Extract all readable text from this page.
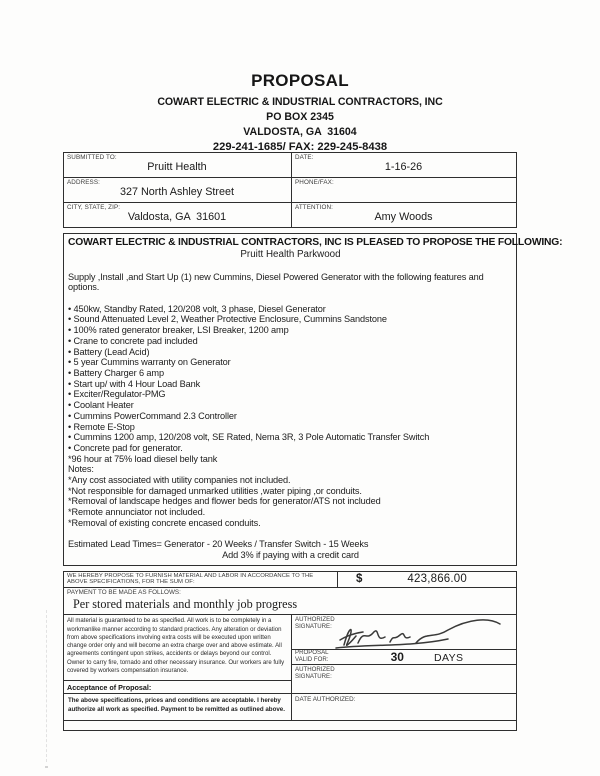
PROPOSAL
COWART ELECTRIC & INDUSTRIAL CONTRACTORS, INC
PO BOX 2345
VALDOSTA, GA  31604
229-241-1685/ FAX: 229-245-8438
SUBMITTED TO:
Pruitt Health
DATE:
1-16-26
ADDRESS:
327 North Ashley Street
PHONE/FAX:
CITY, STATE, ZIP:
Valdosta, GA  31601
ATTENTION:
Amy Woods
COWART ELECTRIC & INDUSTRIAL CONTRACTORS, INC IS PLEASED TO PROPOSE THE FOLLOWING:
Pruitt Health Parkwood
Supply ,Install ,and Start Up (1) new Cummins, Diesel Powered Generator with the following features and options.
• 450kw, Standby Rated, 120/208 volt, 3 phase, Diesel Generator
• Sound Attenuated Level 2, Weather Protective Enclosure, Cummins Sandstone
• 100% rated generator breaker, LSI Breaker, 1200 amp
• Crane to concrete pad included
• Battery (Lead Acid)
• 5 year Cummins warranty on Generator
• Battery Charger 6 amp
• Start up/ with 4 Hour Load Bank
• Exciter/Regulator-PMG
• Coolant Heater
• Cummins PowerCommand 2.3 Controller
• Remote E-Stop
• Cummins 1200 amp, 120/208 volt, SE Rated, Nema 3R, 3 Pole Automatic Transfer Switch
• Concrete pad for generator.
*96 hour at 75% load diesel belly tank
Notes:
*Any cost associated with utility companies not included.
*Not responsible for damaged unmarked utilities ,water piping ,or conduits.
*Removal of landscape hedges and flower beds for generator/ATS not included
*Remote annunciator not included.
*Removal of existing concrete encased conduits.
Estimated Lead Times= Generator - 20 Weeks / Transfer Switch - 15 Weeks
Add 3% if paying with a credit card
WE HEREBY PROPOSE TO FURNISH MATERIAL AND LABOR IN ACCORDANCE TO THE ABOVE SPECIFICATIONS, FOR THE SUM OF:	$	423,866.00
PAYMENT TO BE MADE AS FOLLOWS:
Per stored materials and monthly job progress
All material is guaranteed to be as specified. All work is to be completely in a workmanlike manner according to standard practices. Any alteration or deviation from above specifications involving extra costs will be executed upon written change order only and will become an extra charge over and above estimate. All agreements contingent upon strikes, accidents or delays beyond our control. Owner to carry fire, tornado and other necessary insurance. Our workers are fully covered by workers compensation insurance.
Acceptance of Proposal:
AUTHORIZED SIGNATURE:
PROPOSAL VALID FOR:	30	DAYS
AUTHORIZED SIGNATURE:
The above specifications, prices and conditions are acceptable. I hereby authorize all work as specified. Payment to be remitted as outlined above.
DATE AUTHORIZED:
